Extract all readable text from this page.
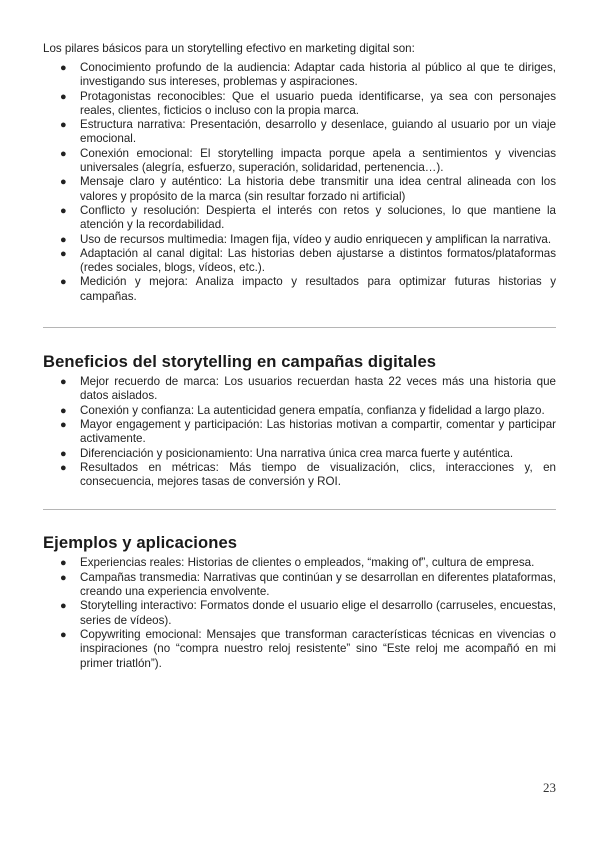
Los pilares básicos para un storytelling efectivo en marketing digital son:

● Conocimiento profundo de la audiencia: Adaptar cada historia al público al que te diriges, investigando sus intereses, problemas y aspiraciones.
● Protagonistas reconocibles: Que el usuario pueda identificarse, ya sea con personajes reales, clientes, ficticios o incluso con la propia marca.
● Estructura narrativa: Presentación, desarrollo y desenlace, guiando al usuario por un viaje emocional.
● Conexión emocional: El storytelling impacta porque apela a sentimientos y vivencias universales (alegría, esfuerzo, superación, solidaridad, pertenencia…).
● Mensaje claro y auténtico: La historia debe transmitir una idea central alineada con los valores y propósito de la marca (sin resultar forzado ni artificial)
● Conflicto y resolución: Despierta el interés con retos y soluciones, lo que mantiene la atención y la recordabilidad.
● Uso de recursos multimedia: Imagen fija, vídeo y audio enriquecen y amplifican la narrativa.
● Adaptación al canal digital: Las historias deben ajustarse a distintos formatos/plataformas (redes sociales, blogs, vídeos, etc.).
● Medición y mejora: Analiza impacto y resultados para optimizar futuras historias y campañas.
Beneficios del storytelling en campañas digitales
● Mejor recuerdo de marca: Los usuarios recuerdan hasta 22 veces más una historia que datos aislados.
● Conexión y confianza: La autenticidad genera empatía, confianza y fidelidad a largo plazo.
● Mayor engagement y participación: Las historias motivan a compartir, comentar y participar activamente.
● Diferenciación y posicionamiento: Una narrativa única crea marca fuerte y auténtica.
● Resultados en métricas: Más tiempo de visualización, clics, interacciones y, en consecuencia, mejores tasas de conversión y ROI.
Ejemplos y aplicaciones
● Experiencias reales: Historias de clientes o empleados, “making of”, cultura de empresa.
● Campañas transmedia: Narrativas que continúan y se desarrollan en diferentes plataformas, creando una experiencia envolvente.
● Storytelling interactivo: Formatos donde el usuario elige el desarrollo (carruseles, encuestas, series de vídeos).
● Copywriting emocional: Mensajes que transforman características técnicas en vivencias o inspiraciones (no “compra nuestro reloj resistente” sino “Este reloj me acompañó en mi primer triatlón”).
23
